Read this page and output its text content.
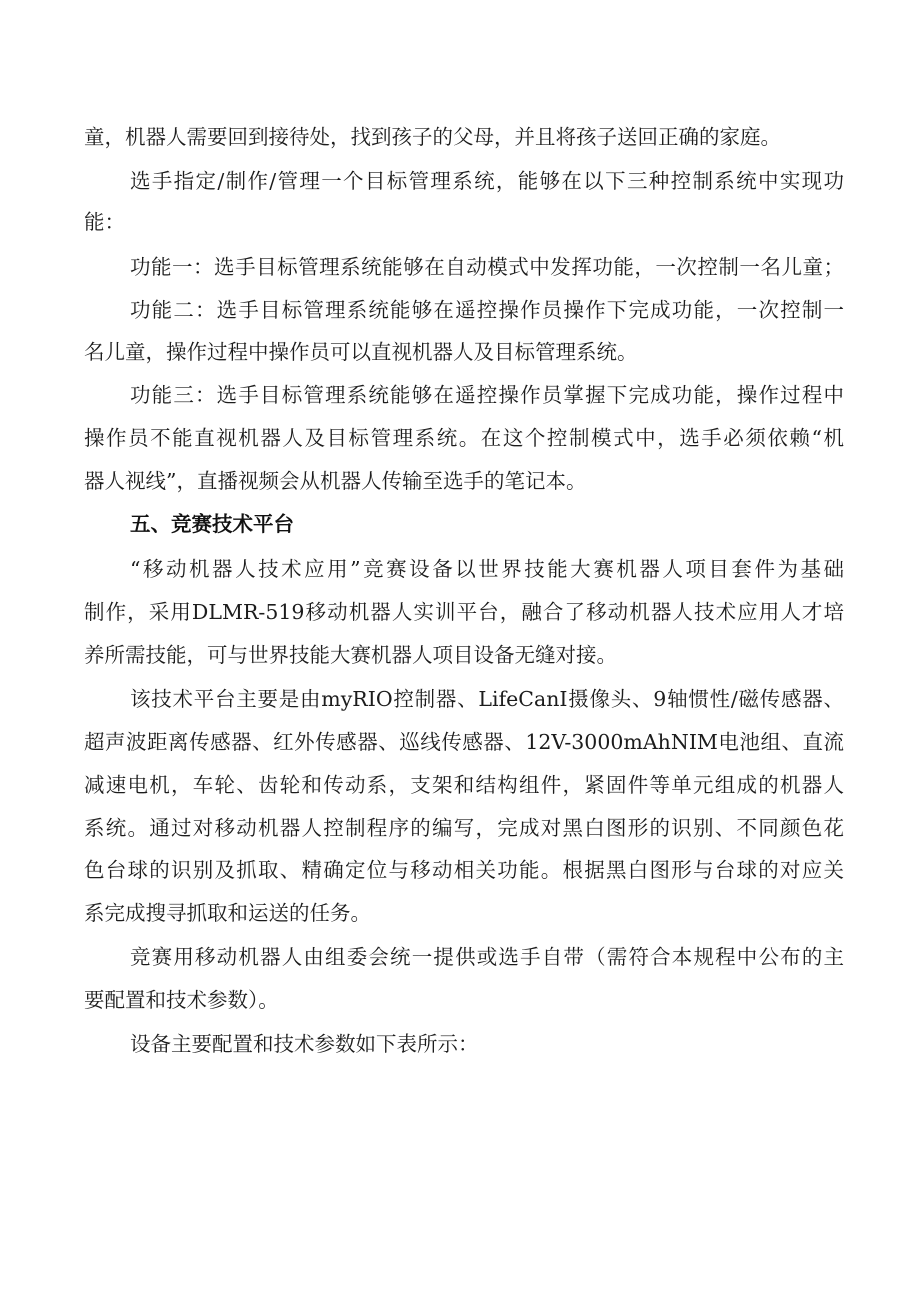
童，机器人需要回到接待处，找到孩子的父母，并且将孩子送回正确的家庭。
选手指定/制作/管理一个目标管理系统，能够在以下三种控制系统中实现功
能：
功能一：选手目标管理系统能够在自动模式中发挥功能，一次控制一名儿童；
功能二：选手目标管理系统能够在遥控操作员操作下完成功能，一次控制一
名儿童，操作过程中操作员可以直视机器人及目标管理系统。
功能三：选手目标管理系统能够在遥控操作员掌握下完成功能，操作过程中
操作员不能直视机器人及目标管理系统。在这个控制模式中，选手必须依赖“机
器人视线”，直播视频会从机器人传输至选手的笔记本。
五、竞赛技术平台
“移动机器人技术应用”竞赛设备以世界技能大赛机器人项目套件为基础
制作，采用DLMR-519移动机器人实训平台，融合了移动机器人技术应用人才培
养所需技能，可与世界技能大赛机器人项目设备无缝对接。
该技术平台主要是由myRIO控制器、LifeCanI摄像头、9轴惯性/磁传感器、
超声波距离传感器、红外传感器、巡线传感器、12V-3000mAhNIM电池组、直流
减速电机，车轮、齿轮和传动系，支架和结构组件，紧固件等单元组成的机器人
系统。通过对移动机器人控制程序的编写，完成对黑白图形的识别、不同颜色花
色台球的识别及抓取、精确定位与移动相关功能。根据黑白图形与台球的对应关
系完成搜寻抓取和运送的任务。
竞赛用移动机器人由组委会统一提供或选手自带（需符合本规程中公布的主
要配置和技术参数）。
设备主要配置和技术参数如下表所示：
